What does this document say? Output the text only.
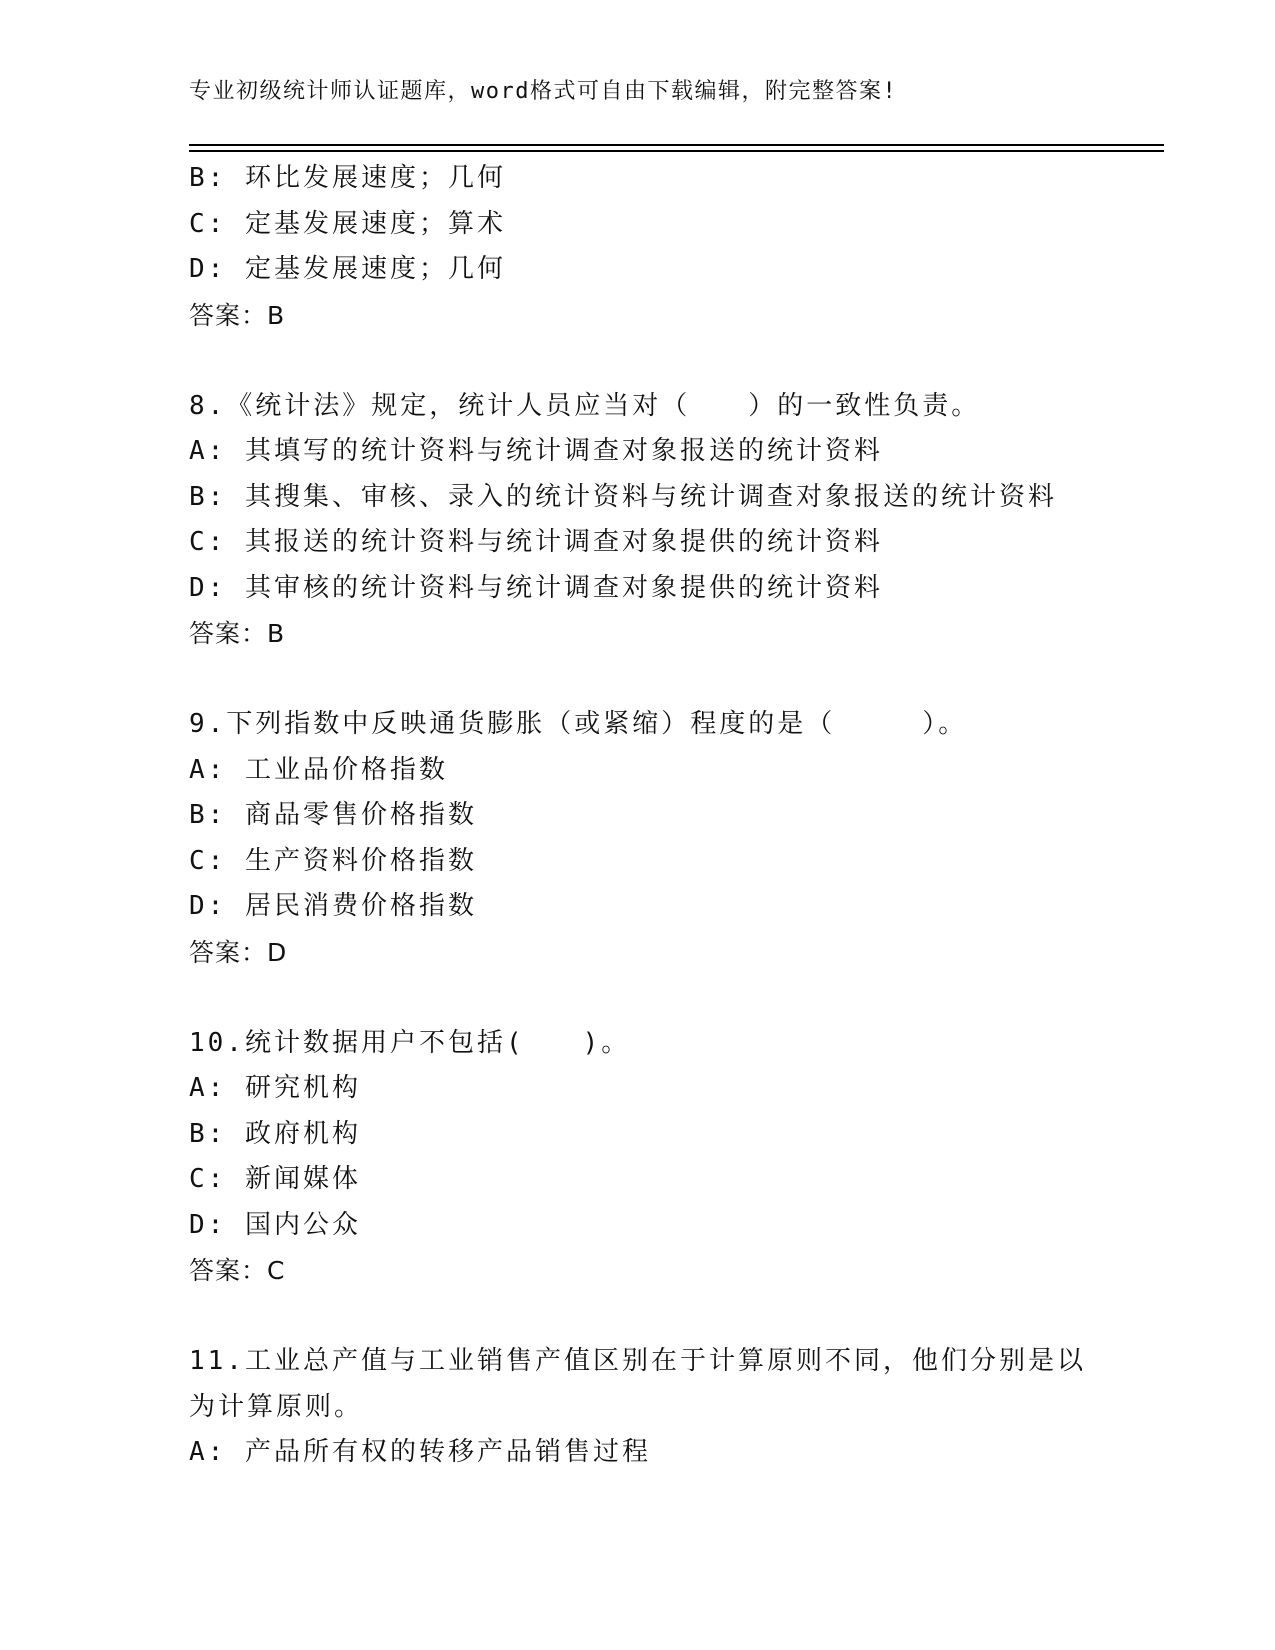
专业初级统计师认证题库，word格式可自由下载编辑，附完整答案!
B: 环比发展速度；几何
C: 定基发展速度；算术
D: 定基发展速度；几何
答案：B
8.《统计法》规定，统计人员应当对（　　）的一致性负责。
A: 其填写的统计资料与统计调查对象报送的统计资料
B: 其搜集、审核、录入的统计资料与统计调查对象报送的统计资料
C: 其报送的统计资料与统计调查对象提供的统计资料
D: 其审核的统计资料与统计调查对象提供的统计资料
答案：B
9.下列指数中反映通货膨胀（或紧缩）程度的是（　　　）。
A: 工业品价格指数
B: 商品零售价格指数
C: 生产资料价格指数
D: 居民消费价格指数
答案：D
10.统计数据用户不包括(　　)。
A: 研究机构
B: 政府机构
C: 新闻媒体
D: 国内公众
答案：C
11.工业总产值与工业销售产值区别在于计算原则不同，他们分别是以
为计算原则。
A: 产品所有权的转移产品销售过程
